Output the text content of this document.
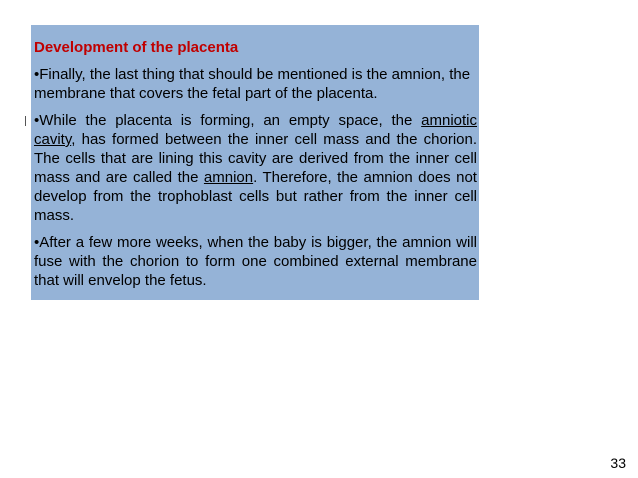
Development of the placenta

•Finally, the last thing that should be mentioned is the amnion, the membrane that covers the fetal part of the placenta.

•While the placenta is forming, an empty space, the amniotic cavity, has formed between the inner cell mass and the chorion. The cells that are lining this cavity are derived from the inner cell mass and are called the amnion. Therefore, the amnion does not develop from the trophoblast cells but rather from the inner cell mass.

•After a few more weeks, when the baby is bigger, the amnion will fuse with the chorion to form one combined external membrane that will envelop the fetus.

33
